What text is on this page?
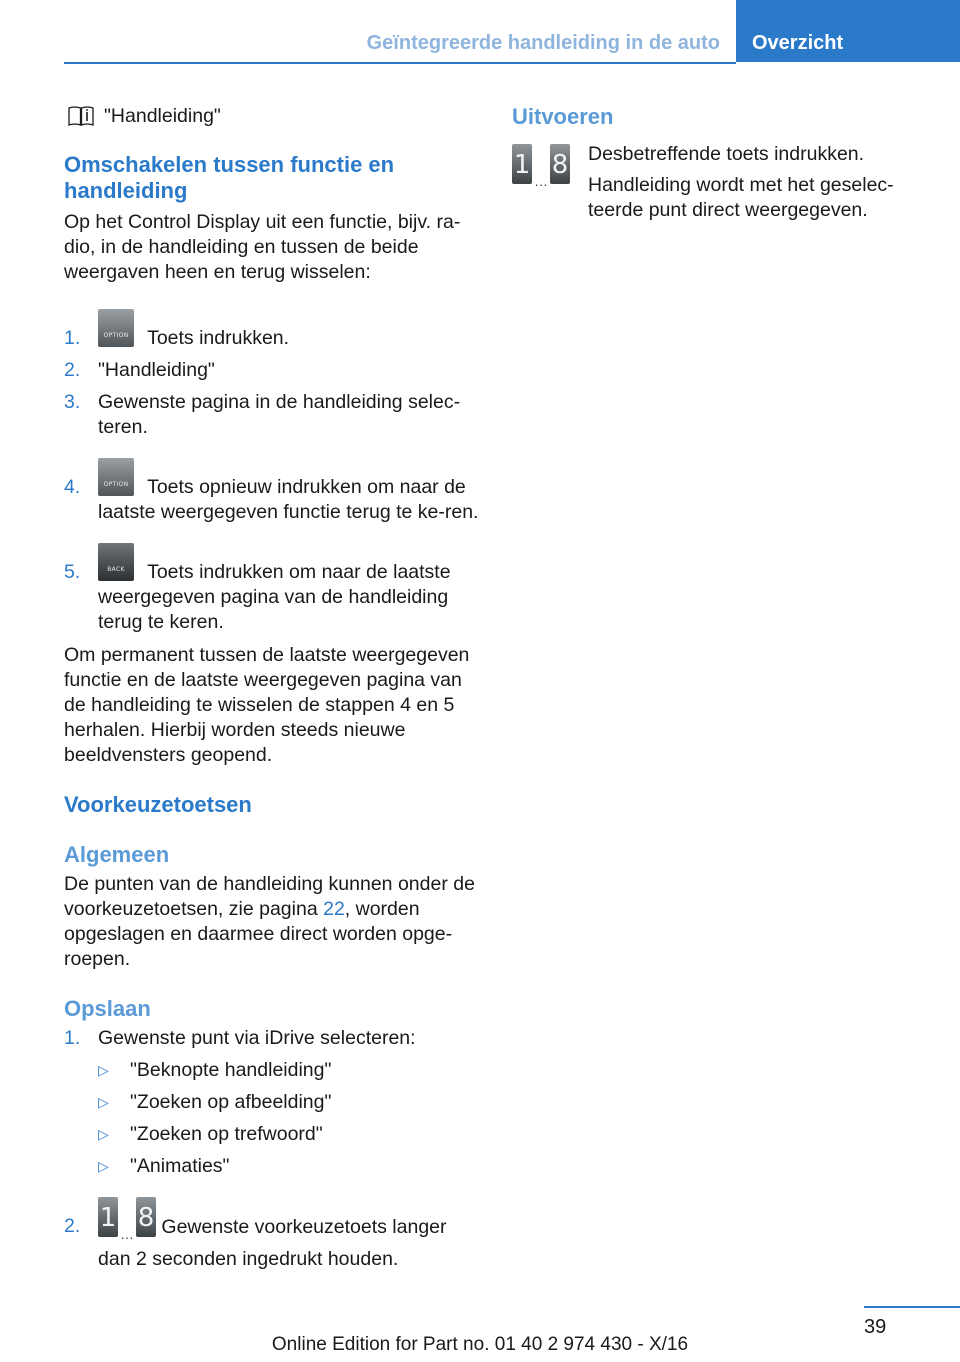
Geïntegreerde handleiding in de auto	Overzicht
"Handleiding"
Omschakelen tussen functie en handleiding

Op het Control Display uit een functie, bijv. ra‐dio, in de handleiding en tussen de beide weergaven heen en terug wisselen:

1.	OPTION Toets indrukken.
2. "Handleiding"
3. Gewenste pagina in de handleiding selec‐teren.
4.	OPTION Toets opnieuw indrukken om naar de laatste weergegeven functie terug te ke‐ren.
5.	BACK Toets indrukken om naar de laatste weergegeven pagina van de handleiding terug te keren.

Om permanent tussen de laatste weergegeven functie en de laatste weergegeven pagina van de handleiding te wisselen de stappen 4 en 5 herhalen. Hierbij worden steeds nieuwe beeldvensters geopend.

Voorkeuzetoetsen
Algemeen

De punten van de handleiding kunnen onder de voorkeuzetoetsen, zie pagina 22, worden opgeslagen en daarmee direct worden opge‐roepen.

Opslaan
1. Gewenste punt via iDrive selecteren:
▷ "Beknopte handleiding"
▷ "Zoeken op afbeelding"
▷ "Zoeken op trefwoord"
▷ "Animaties"
2. 1
…
8 Gewenste voorkeuzetoets langer dan 2 seconden ingedrukt houden.
Uitvoeren
1
…
8	Desbetreffende toets indrukken.

Handleiding wordt met het geselec‐teerde punt direct weergegeven.

39
Online Edition for Part no. 01 40 2 974 430 - X/16
